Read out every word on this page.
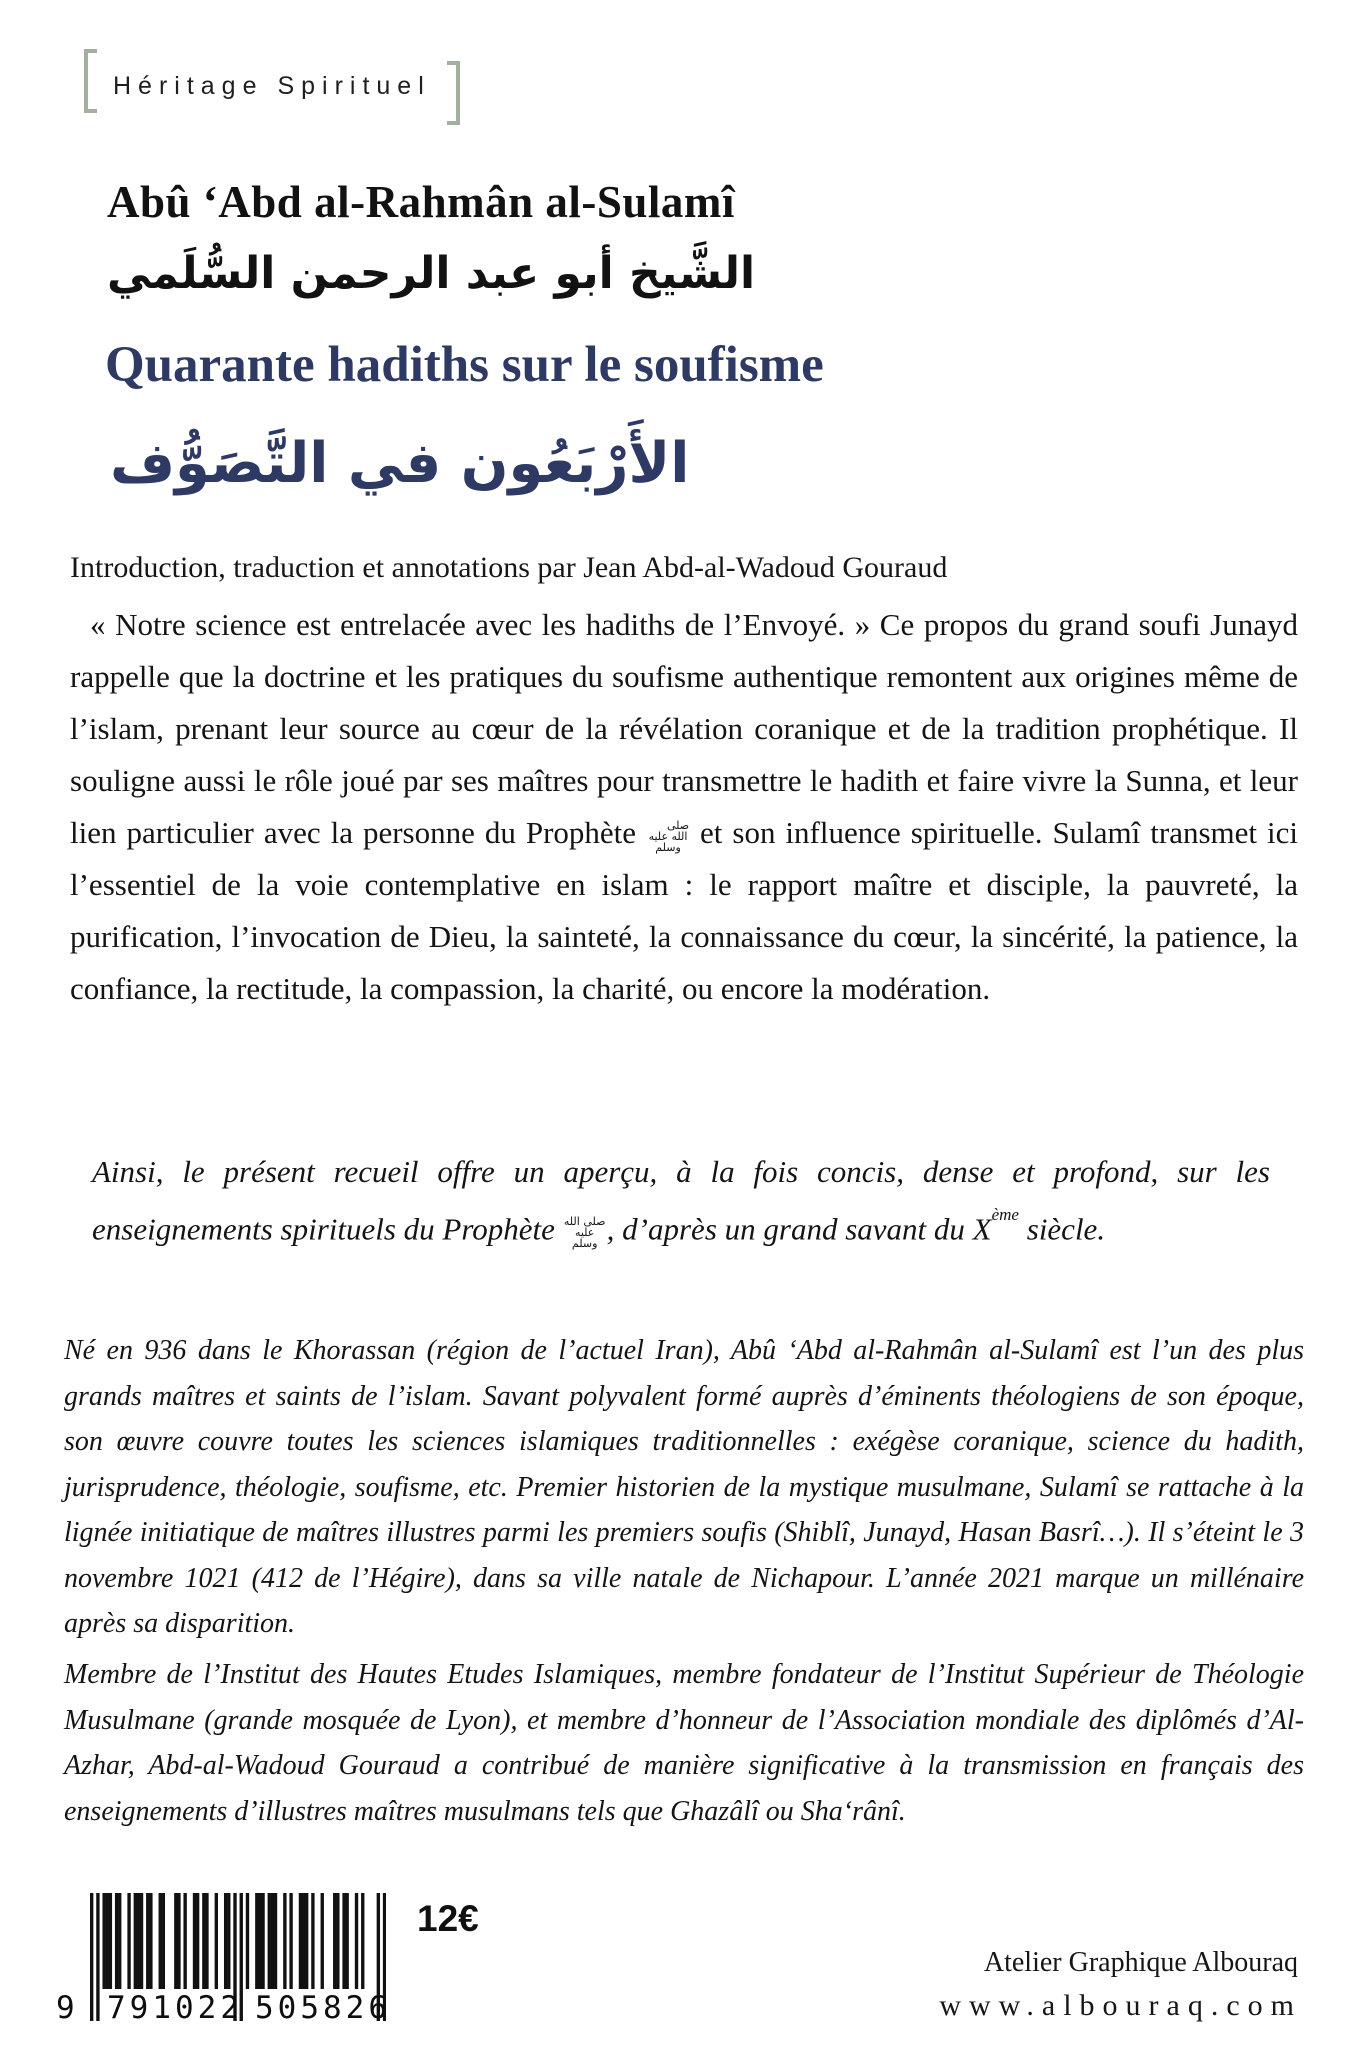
Héritage Spirituel
Abû ‘Abd al-Rahmân al-Sulamî
الشَّيخ أبو عبد الرحمن السُّلَمي
Quarante hadiths sur le soufisme
الأَرْبَعُون في التَّصَوُّف
Introduction, traduction et annotations par Jean Abd-al-Wadoud Gouraud

« Notre science est entrelacée avec les hadiths de l’Envoyé. » Ce propos du grand soufi Junayd rappelle que la doctrine et les pratiques du soufisme authentique remontent aux origines même de l’islam, prenant leur source au cœur de la révélation coranique et de la tradition prophétique. Il souligne aussi le rôle joué par ses maîtres pour transmettre le hadith et faire vivre la Sunna, et leur lien particulier avec la personne du Prophète صلى الله عليه وسلم et son influence spirituelle. Sulamî transmet ici l’essentiel de la voie contemplative en islam : le rapport maître et disciple, la pauvreté, la purification, l’invocation de Dieu, la sainteté, la connaissance du cœur, la sincérité, la patience, la confiance, la rectitude, la compassion, la charité, ou encore la modération.

Ainsi, le présent recueil offre un aperçu, à la fois concis, dense et profond, sur les enseignements spirituels du Prophète صلى الله عليه وسلم , d’après un grand savant du Xème siècle.

Né en 936 dans le Khorassan (région de l’actuel Iran), Abû ‘Abd al-Rahmân al-Sulamî est l’un des plus grands maîtres et saints de l’islam. Savant polyvalent formé auprès d’éminents théologiens de son époque, son œuvre couvre toutes les sciences islamiques traditionnelles : exégèse coranique, science du hadith, jurisprudence, théologie, soufisme, etc. Premier historien de la mystique musulmane, Sulamî se rattache à la lignée initiatique de maîtres illustres parmi les premiers soufis (Shiblî, Junayd, Hasan Basrî…). Il s’éteint le 3 novembre 1021 (412 de l’Hégire), dans sa ville natale de Nichapour. L’année 2021 marque un millénaire après sa disparition.

Membre de l’Institut des Hautes Etudes Islamiques, membre fondateur de l’Institut Supérieur de Théologie Musulmane (grande mosquée de Lyon), et membre d’honneur de l’Association mondiale des diplômés d’Al-Azhar, Abd-al-Wadoud Gouraud a contribué de manière significative à la transmission en français des enseignements d’illustres maîtres musulmans tels que Ghazâlî ou Sha‘rânî.

9 791022 505826
12€
Atelier Graphique Albouraq
www.albouraq.com
